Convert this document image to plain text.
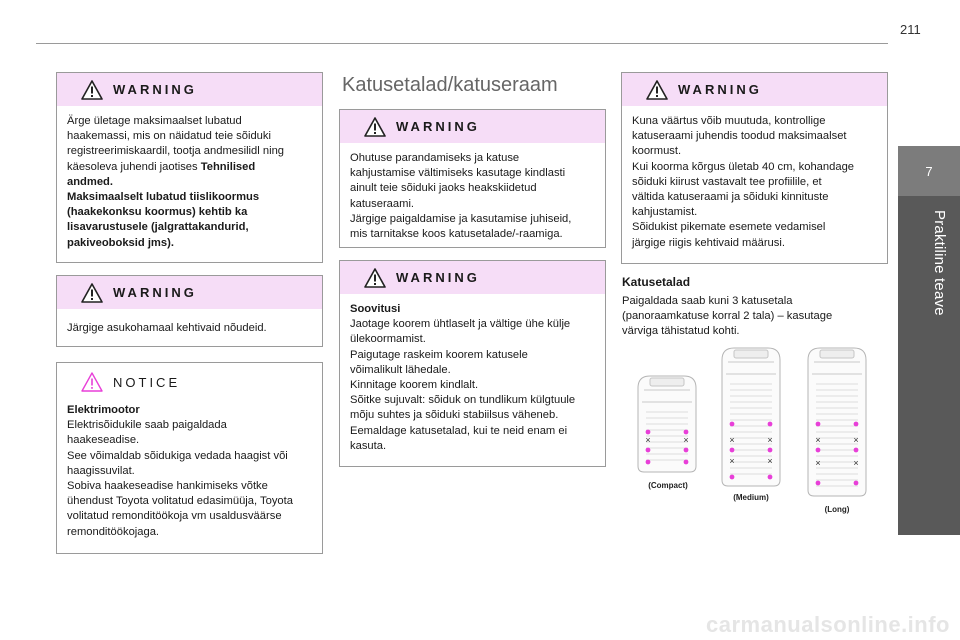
211
7
Praktiline teave
WARNING

Ärge ületage maksimaalset lubatud

haakemassi, mis on näidatud teie sõiduki

registreerimiskaardil, tootja andmesilidl ning

käesoleva juhendi jaotises Tehnilised

andmed.

Maksimaalselt lubatud tiislikoormus

(haakekonksu koormus) kehtib ka

lisavarustusele (jalgrattakandurid,

pakiveoboksid jms).

WARNING

Järgige asukohamaal kehtivaid nõudeid.

NOTICE

Elektrimootor

Elektrisõidukile saab paigaldada

haakeseadise.

See võimaldab sõidukiga vedada haagist või

haagissuvilat.

Sobiva haakeseadise hankimiseks võtke

ühendust Toyota volitatud edasimüüja, Toyota

volitatud remonditöökoja vm usaldusväärse

remonditöökojaga.

Katusetalad/katuseraam
WARNING

Ohutuse parandamiseks ja katuse

kahjustamise vältimiseks kasutage kindlasti

ainult teie sõiduki jaoks heakskiidetud

katuseraami.

Järgige paigaldamise ja kasutamise juhiseid,

mis tarnitakse koos katusetalade/-raamiga.

WARNING

Soovitusi

Jaotage koorem ühtlaselt ja vältige ühe külje

ülekoormamist.

Paigutage raskeim koorem katusele

võimalikult lähedale.

Kinnitage koorem kindlalt.

Sõitke sujuvalt: sõiduk on tundlikum külgtuule

mõju suhtes ja sõiduki stabiilsus väheneb.

Eemaldage katusetalad, kui te neid enam ei

kasuta.

WARNING

Kuna väärtus võib muutuda, kontrollige

katuseraami juhendis toodud maksimaalset

koormust.

Kui koorma kõrgus ületab 40 cm, kohandage

sõiduki kiirust vastavalt tee profiilile, et

vältida katuseraami ja sõiduki kinnituste

kahjustamist.

Sõidukist pikemate esemete vedamisel

järgige riigis kehtivaid määrusi.

Katusetalad
Paigaldada saab kuni 3 katusetala
(panoraamkatuse korral 2 tala) – kasutage
värviga tähistatud kohti.
×	×
(Compact)
×	×
×	×
(Medium)
×	×
×	×
(Long)
carmanualsonline.info
